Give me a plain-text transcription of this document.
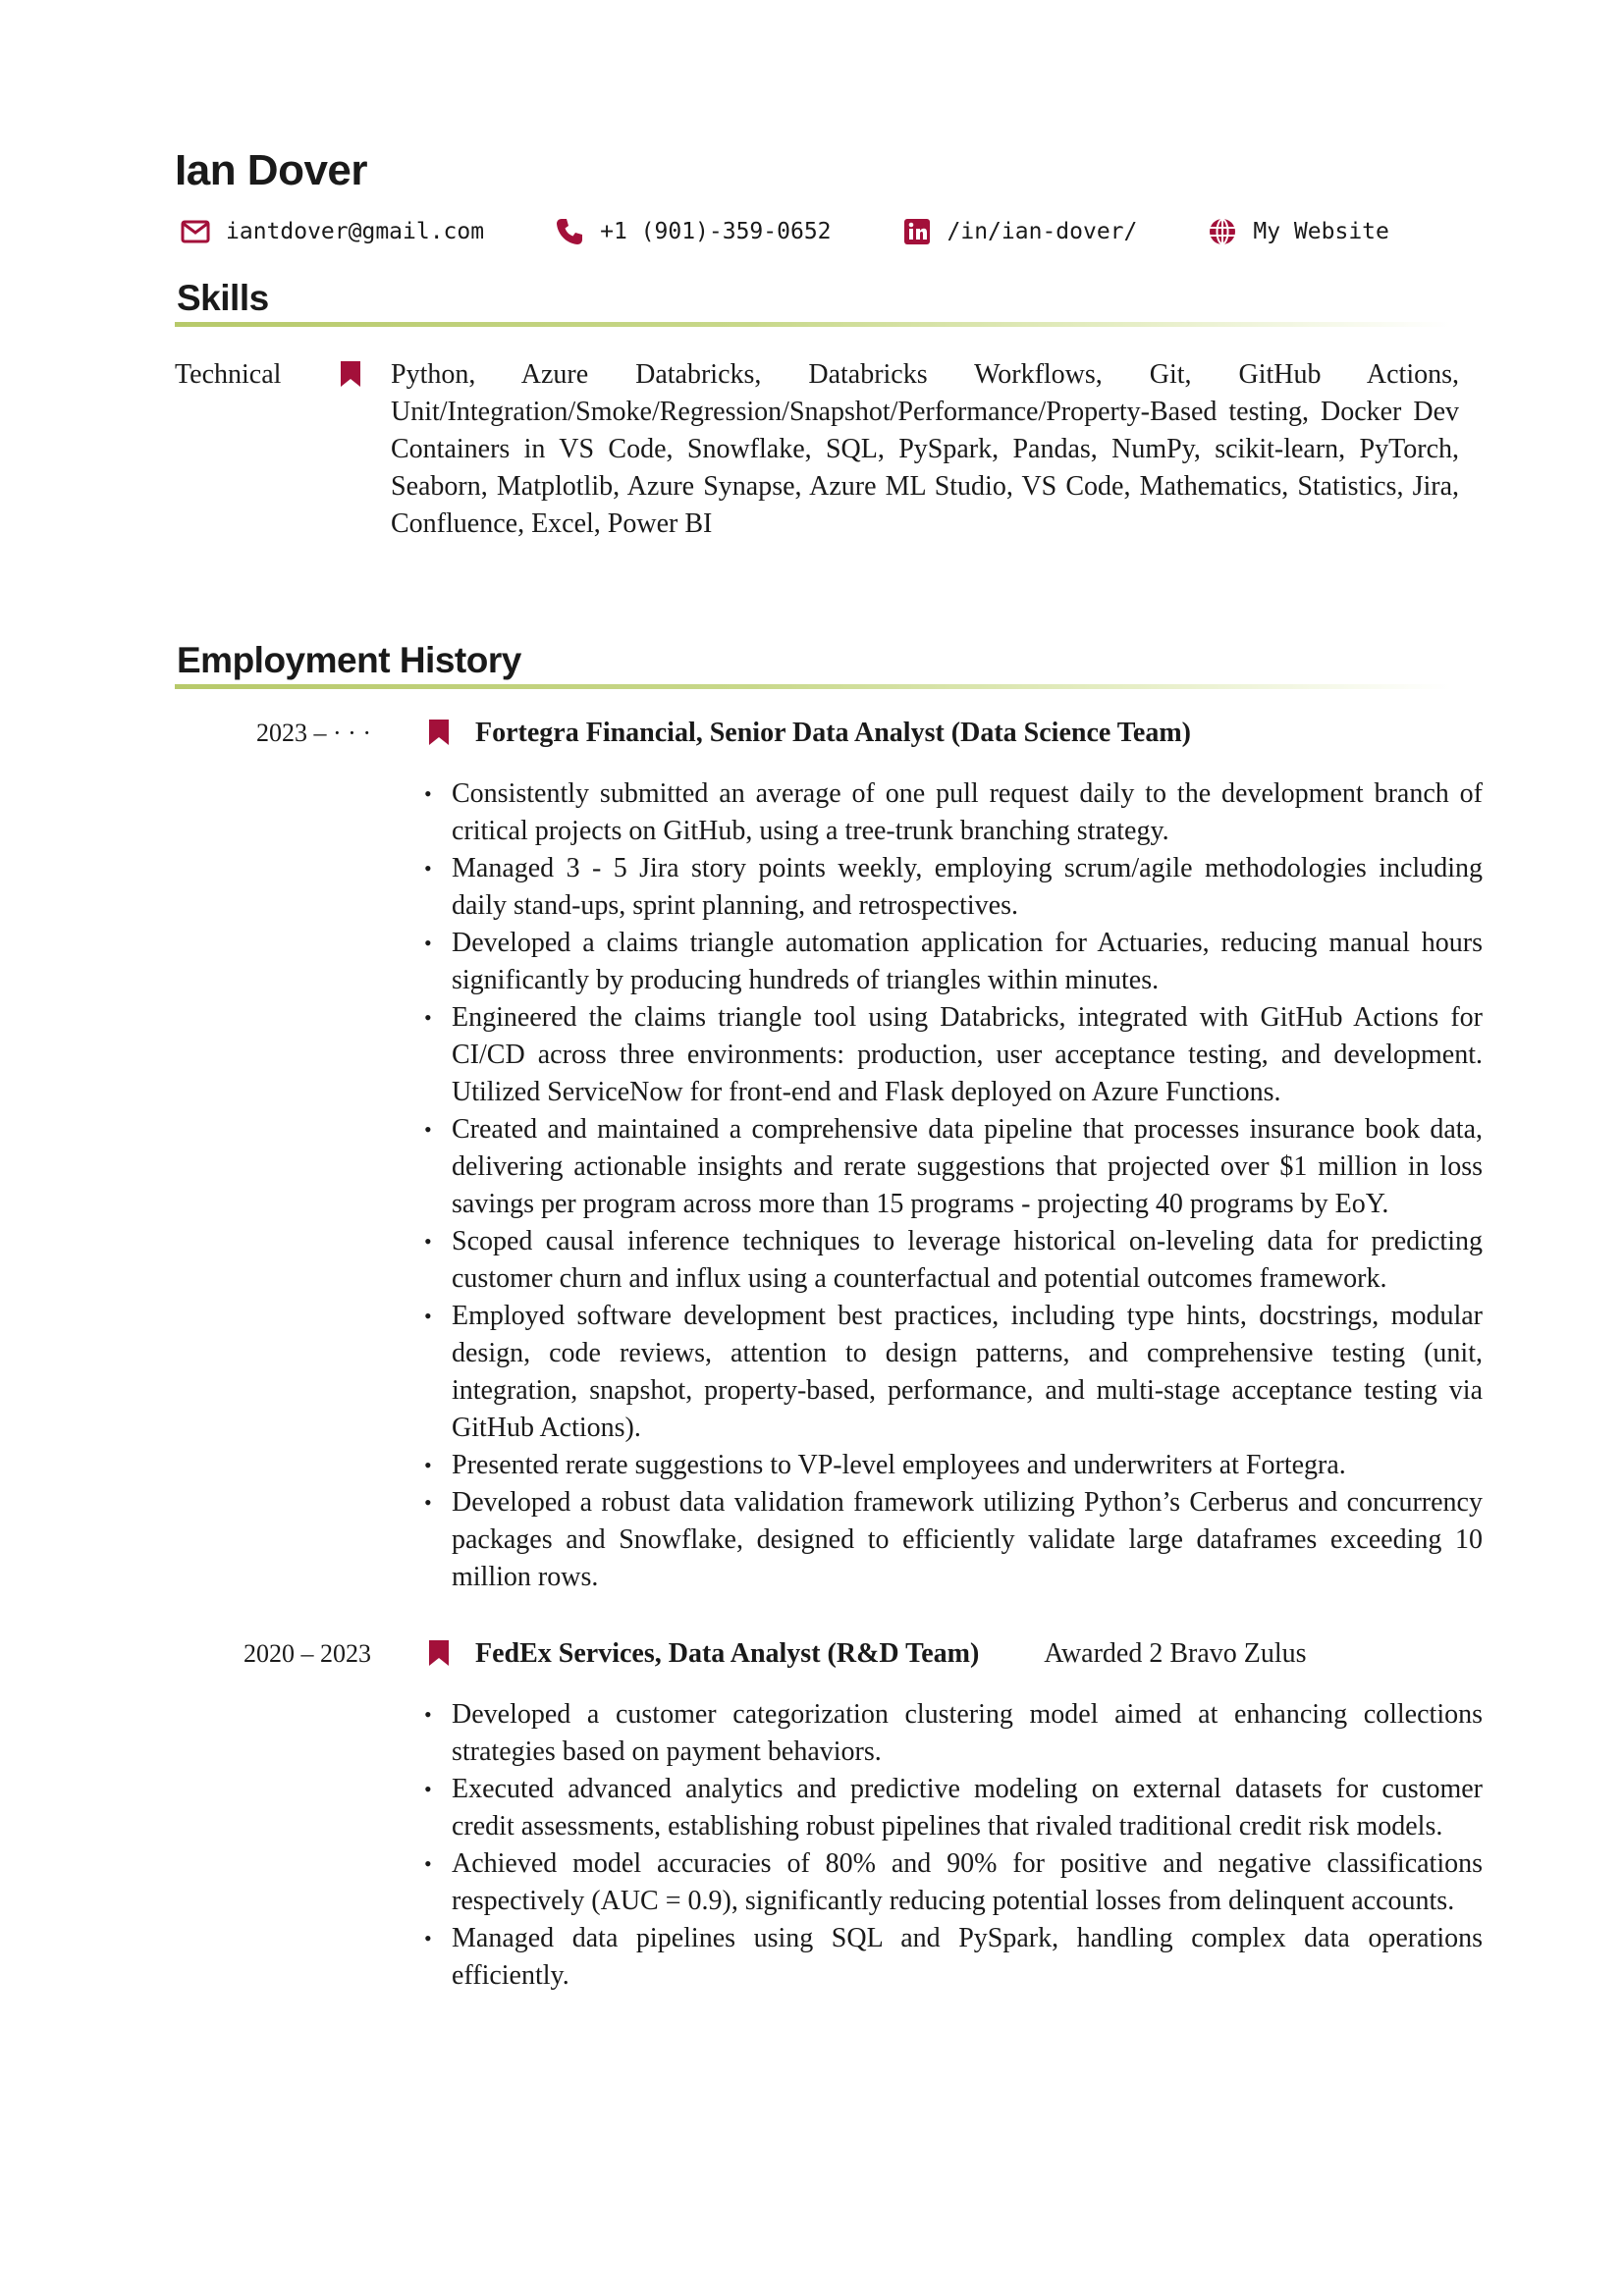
Ian Dover
iantdover@gmail.com	+1 (901)-359-0652	/in/ian-dover/	My Website
Skills
Technical	Python, Azure Databricks, Databricks Workflows, Git, GitHub Actions, Unit/Integration/Smoke/Regression/Snapshot/Performance/Property-Based testing, Docker Dev Containers in VS Code, Snowflake, SQL, PySpark, Pandas, NumPy, scikit-learn, PyTorch, Seaborn, Matplotlib, Azure Synapse, Azure ML Studio, VS Code, Mathematics, Statistics, Jira, Confluence, Excel, Power BI
Employment History
2023 – · · ·	Fortegra Financial, Senior Data Analyst (Data Science Team)
• Consistently submitted an average of one pull request daily to the development branch of critical projects on GitHub, using a tree-trunk branching strategy.
• Managed 3 - 5 Jira story points weekly, employing scrum/agile methodologies including daily stand-ups, sprint planning, and retrospectives.
• Developed a claims triangle automation application for Actuaries, reducing manual hours significantly by producing hundreds of triangles within minutes.
• Engineered the claims triangle tool using Databricks, integrated with GitHub Actions for CI/CD across three environments: production, user acceptance testing, and development. Utilized ServiceNow for front-end and Flask deployed on Azure Functions.
• Created and maintained a comprehensive data pipeline that processes insurance book data, delivering actionable insights and rerate suggestions that projected over $1 million in loss savings per program across more than 15 programs - projecting 40 programs by EoY.
• Scoped causal inference techniques to leverage historical on-leveling data for predicting customer churn and influx using a counterfactual and potential outcomes framework.
• Employed software development best practices, including type hints, docstrings, modular design, code reviews, attention to design patterns, and comprehensive testing (unit, integration, snapshot, property-based, performance, and multi-stage acceptance testing via GitHub Actions).
• Presented rerate suggestions to VP-level employees and underwriters at Fortegra.
• Developed a robust data validation framework utilizing Python’s Cerberus and concurrency packages and Snowflake, designed to efficiently validate large dataframes exceeding 10 million rows.
2020 – 2023	FedEx Services, Data Analyst (R&D Team) Awarded 2 Bravo Zulus
• Developed a customer categorization clustering model aimed at enhancing collections strategies based on payment behaviors.
• Executed advanced analytics and predictive modeling on external datasets for customer credit assessments, establishing robust pipelines that rivaled traditional credit risk models.
• Achieved model accuracies of 80% and 90% for positive and negative classifications respectively (AUC = 0.9), significantly reducing potential losses from delinquent accounts.
• Managed data pipelines using SQL and PySpark, handling complex data operations efficiently.
